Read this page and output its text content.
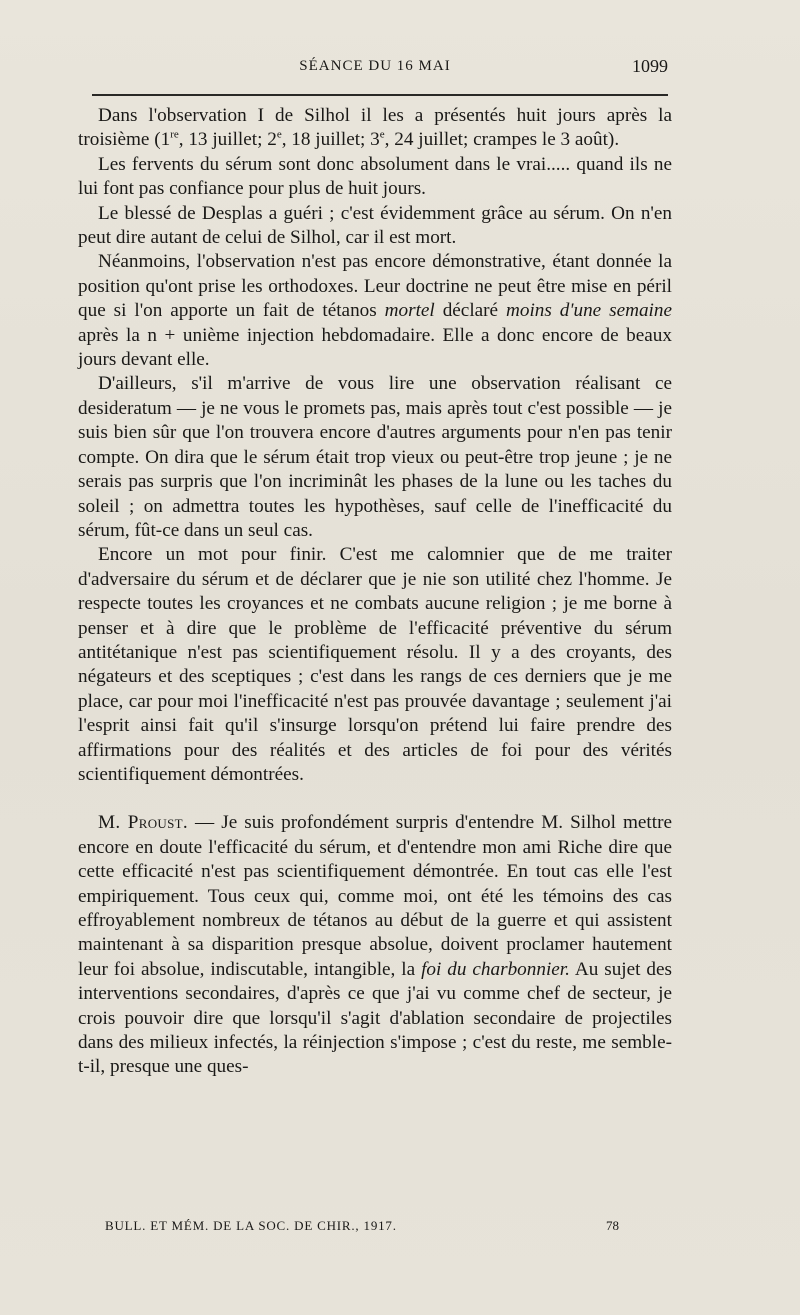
SÉANCE DU 16 MAI	1099

Dans l'observation I de Silhol il les a présentés huit jours après la troisième (1re, 13 juillet; 2e, 18 juillet; 3e, 24 juillet; crampes le 3 août).

Les fervents du sérum sont donc absolument dans le vrai..... quand ils ne lui font pas confiance pour plus de huit jours.

Le blessé de Desplas a guéri ; c'est évidemment grâce au sérum. On n'en peut dire autant de celui de Silhol, car il est mort.

Néanmoins, l'observation n'est pas encore démonstrative, étant donnée la position qu'ont prise les orthodoxes. Leur doctrine ne peut être mise en péril que si l'on apporte un fait de tétanos mortel déclaré moins d'une semaine après la n + unième injection hebdomadaire. Elle a donc encore de beaux jours devant elle.

D'ailleurs, s'il m'arrive de vous lire une observation réalisant ce desideratum — je ne vous le promets pas, mais après tout c'est possible — je suis bien sûr que l'on trouvera encore d'autres arguments pour n'en pas tenir compte. On dira que le sérum était trop vieux ou peut-être trop jeune ; je ne serais pas surpris que l'on incriminât les phases de la lune ou les taches du soleil ; on admettra toutes les hypothèses, sauf celle de l'inefficacité du sérum, fût-ce dans un seul cas.

Encore un mot pour finir. C'est me calomnier que de me traiter d'adversaire du sérum et de déclarer que je nie son utilité chez l'homme. Je respecte toutes les croyances et ne combats aucune religion ; je me borne à penser et à dire que le problème de l'efficacité préventive du sérum antitétanique n'est pas scientifiquement résolu. Il y a des croyants, des négateurs et des sceptiques ; c'est dans les rangs de ces derniers que je me place, car pour moi l'inefficacité n'est pas prouvée davantage ; seulement j'ai l'esprit ainsi fait qu'il s'insurge lorsqu'on prétend lui faire prendre des affirmations pour des réalités et des articles de foi pour des vérités scientifiquement démontrées.

M. Proust. — Je suis profondément surpris d'entendre M. Silhol mettre encore en doute l'efficacité du sérum, et d'entendre mon ami Riche dire que cette efficacité n'est pas scientifiquement démontrée. En tout cas elle l'est empiriquement. Tous ceux qui, comme moi, ont été les témoins des cas effroyablement nombreux de tétanos au début de la guerre et qui assistent maintenant à sa disparition presque absolue, doivent proclamer hautement leur foi absolue, indiscutable, intangible, la foi du charbonnier. Au sujet des interventions secondaires, d'après ce que j'ai vu comme chef de secteur, je crois pouvoir dire que lorsqu'il s'agit d'ablation secondaire de projectiles dans des milieux infectés, la réinjection s'impose ; c'est du reste, me semble-t-il, presque une ques-

BULL. ET MÉM. DE LA SOC. DE CHIR., 1917.	78
